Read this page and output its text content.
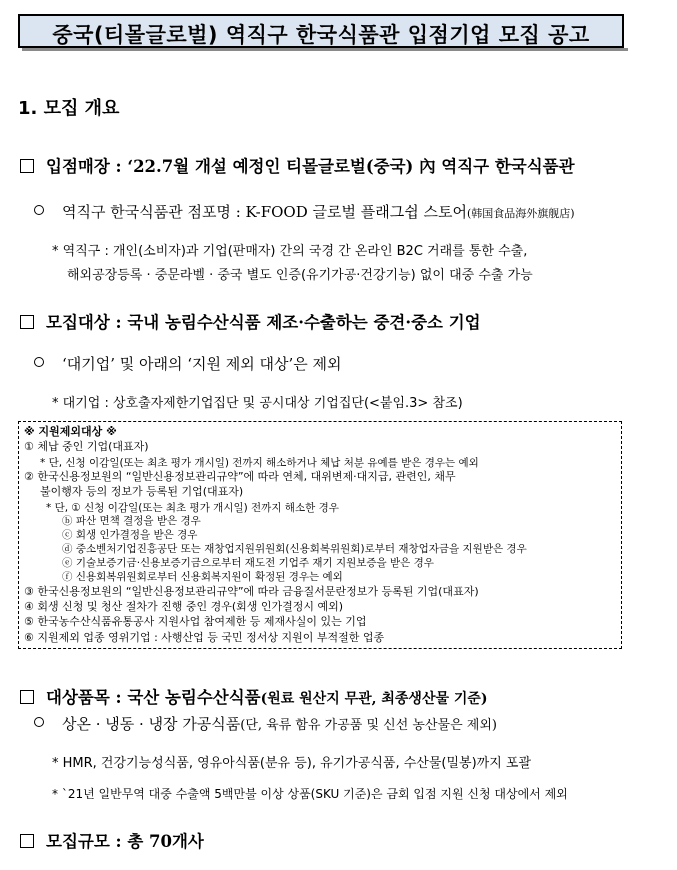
중국(티몰글로벌) 역직구 한국식품관 입점기업 모집 공고
1. 모집 개요
입점매장 : ‘22.7월 개설 예정인 티몰글로벌(중국) 內 역직구 한국식품관
역직구 한국식품관 점포명 : K-FOOD 글로벌 플래그쉽 스토어(韩国食品海外旗舰店)
* 역직구 : 개인(소비자)과 기업(판매자) 간의 국경 간 온라인 B2C 거래를 통한 수출,
해외공장등록 · 중문라벨 · 중국 별도 인증(유기가공·건강기능) 없이 대중 수출 가능
모집대상 : 국내 농림수산식품 제조·수출하는 중견·중소 기업
‘대기업’ 및 아래의 ‘지원 제외 대상’은 제외
* 대기업 : 상호출자제한기업집단 및 공시대상 기업집단(<붙임.3> 참조)
※ 지원제외대상 ※
① 체납 중인 기업(대표자)
* 단, 신청 이감일(또는 최초 평가 개시일) 전까지 해소하거나 체납 처분 유예를 받은 경우는 예외
② 한국신용정보원의 “일반신용정보관리규약”에 따라 연체, 대위변제·대지급, 관련인, 채무
불이행자 등의 정보가 등록된 기업(대표자)
* 단, ① 신청 이감일(또는 최초 평가 개시일) 전까지 해소한 경우
ⓑ 파산 면책 결정을 받은 경우
ⓒ 회생 인가결정을 받은 경우
ⓓ 중소벤처기업진흥공단 또는 재창업지원위원회(신용회복위원회)로부터 재창업자금을 지원받은 경우
ⓔ 기술보증기금·신용보증기금으로부터 재도전 기업주 재기 지원보증을 받은 경우
ⓕ 신용회복위원회로부터 신용회복지원이 확정된 경우는 예외
③ 한국신용정보원의 “일반신용정보관리규약”에 따라 금융질서문란정보가 등록된 기업(대표자)
④ 회생 신청 및 청산 절차가 진행 중인 경우(회생 인가결정시 예외)
⑤ 한국농수산식품유통공사 지원사업 참여제한 등 제재사실이 있는 기업
⑥ 지원제외 업종 영위기업 : 사행산업 등 국민 정서상 지원이 부적절한 업종
대상품목 : 국산 농림수산식품(원료 원산지 무관, 최종생산물 기준)
상온 · 냉동 · 냉장 가공식품(단, 육류 함유 가공품 및 신선 농산물은 제외)
* HMR, 건강기능성식품, 영유아식품(분유 등), 유기가공식품, 수산물(밀봉)까지 포괄
* `21년 일반무역 대중 수출액 5백만불 이상 상품(SKU 기준)은 금회 입점 지원 신청 대상에서 제외
모집규모 : 총 70개사
